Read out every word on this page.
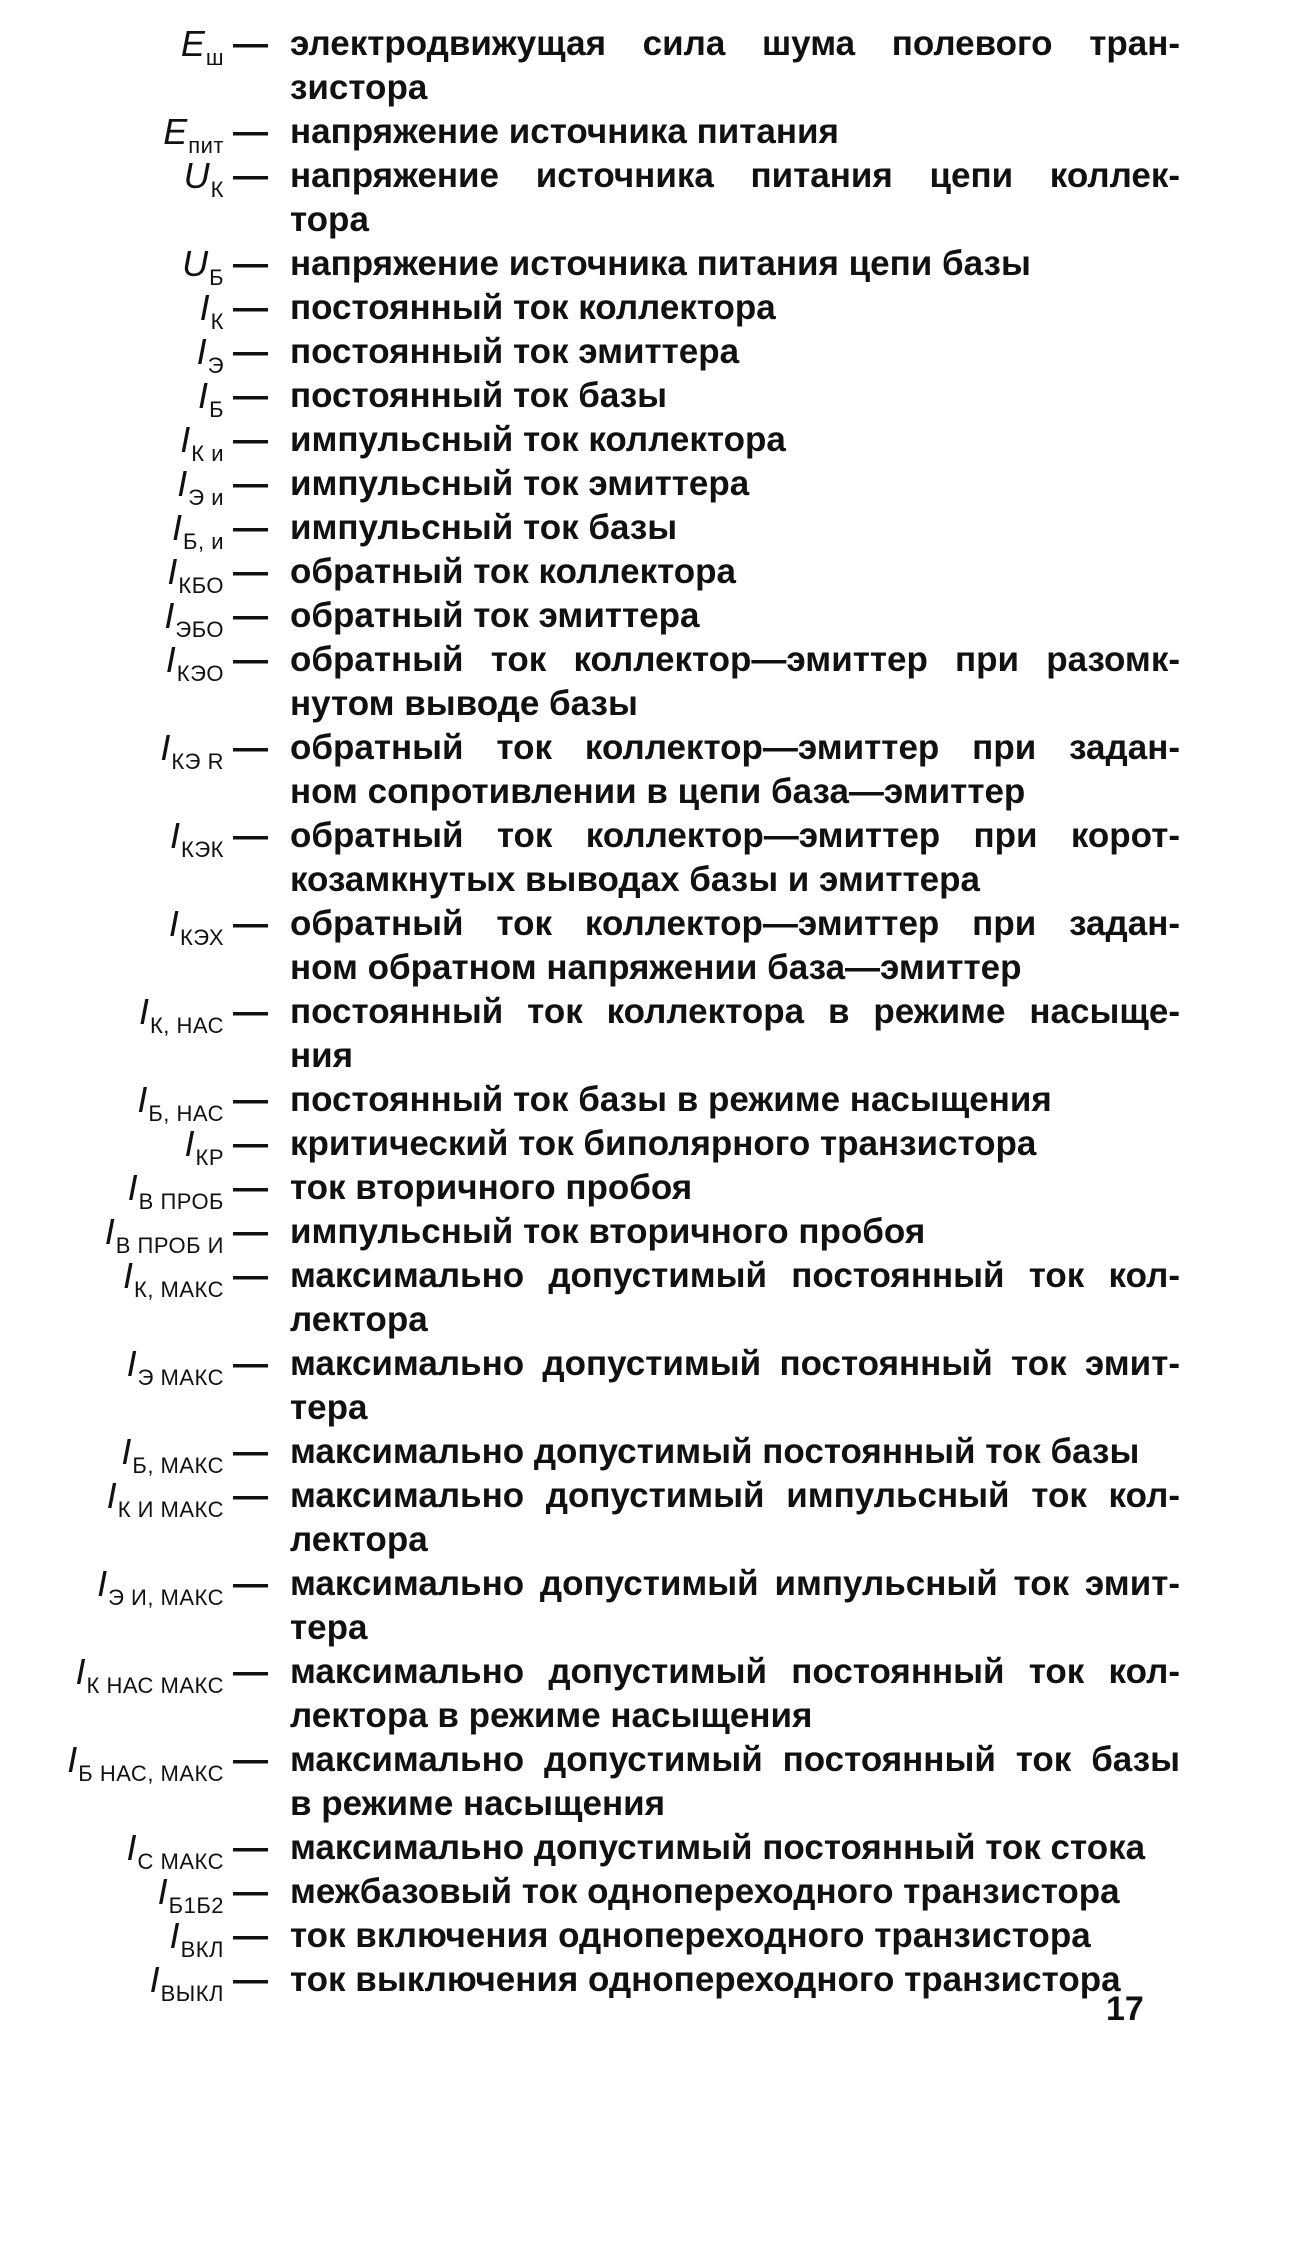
$E_ш$ — электродвижущая сила шума полевого тран-
зистора
$E_{пит}$ — напряжение источника питания
$U_К$ — напряжение источника питания цепи коллек-
тора
$U_Б$ — напряжение источника питания цепи базы
$I_К$ — постоянный ток коллектора
$I_Э$ — постоянный ток эмиттера
$I_Б$ — постоянный ток базы
$I_{К и}$ — импульсный ток коллектора
$I_{Э и}$ — импульсный ток эмиттера
$I_{Б, и}$ — импульсный ток базы
$I_{КБО}$ — обратный ток коллектора
$I_{ЭБО}$ — обратный ток эмиттера
$I_{КЭО}$ — обратный ток коллектор—эмиттер при разомк-
нутом выводе базы
$I_{КЭ R}$ — обратный ток коллектор—эмиттер при задан-
ном сопротивлении в цепи база—эмиттер
$I_{КЭК}$ — обратный ток коллектор—эмиттер при корот-
козамкнутых выводах базы и эмиттера
$I_{КЭХ}$ — обратный ток коллектор—эмиттер при задан-
ном обратном напряжении база—эмиттер
$I_{К, НАС}$ — постоянный ток коллектора в режиме насыще-
ния
$I_{Б, НАС}$ — постоянный ток базы в режиме насыщения
$I_{КР}$ — критический ток биполярного транзистора
$I_{В ПРОБ}$ — ток вторичного пробоя
$I_{В ПРОБ И}$ — импульсный ток вторичного пробоя
$I_{К, МАКС}$ — максимально допустимый постоянный ток кол-
лектора
$I_{Э МАКС}$ — максимально допустимый постоянный ток эмит-
тера
$I_{Б, МАКС}$ — максимально допустимый постоянный ток базы
$I_{К И МАКС}$ — максимально допустимый импульсный ток кол-
лектора
$I_{Э И, МАКС}$ — максимально допустимый импульсный ток эмит-
тера
$I_{К НАС МАКС}$ — максимально допустимый постоянный ток кол-
лектора в режиме насыщения
$I_{Б НАС, МАКС}$ — максимально допустимый постоянный ток базы
в режиме насыщения
$I_{С МАКС}$ — максимально допустимый постоянный ток стока
$I_{Б1Б2}$ — межбазовый ток однопереходного транзистора
$I_{ВКЛ}$ — ток включения однопереходного транзистора
$I_{ВЫКЛ}$ — ток выключения однопереходного транзистора
17
